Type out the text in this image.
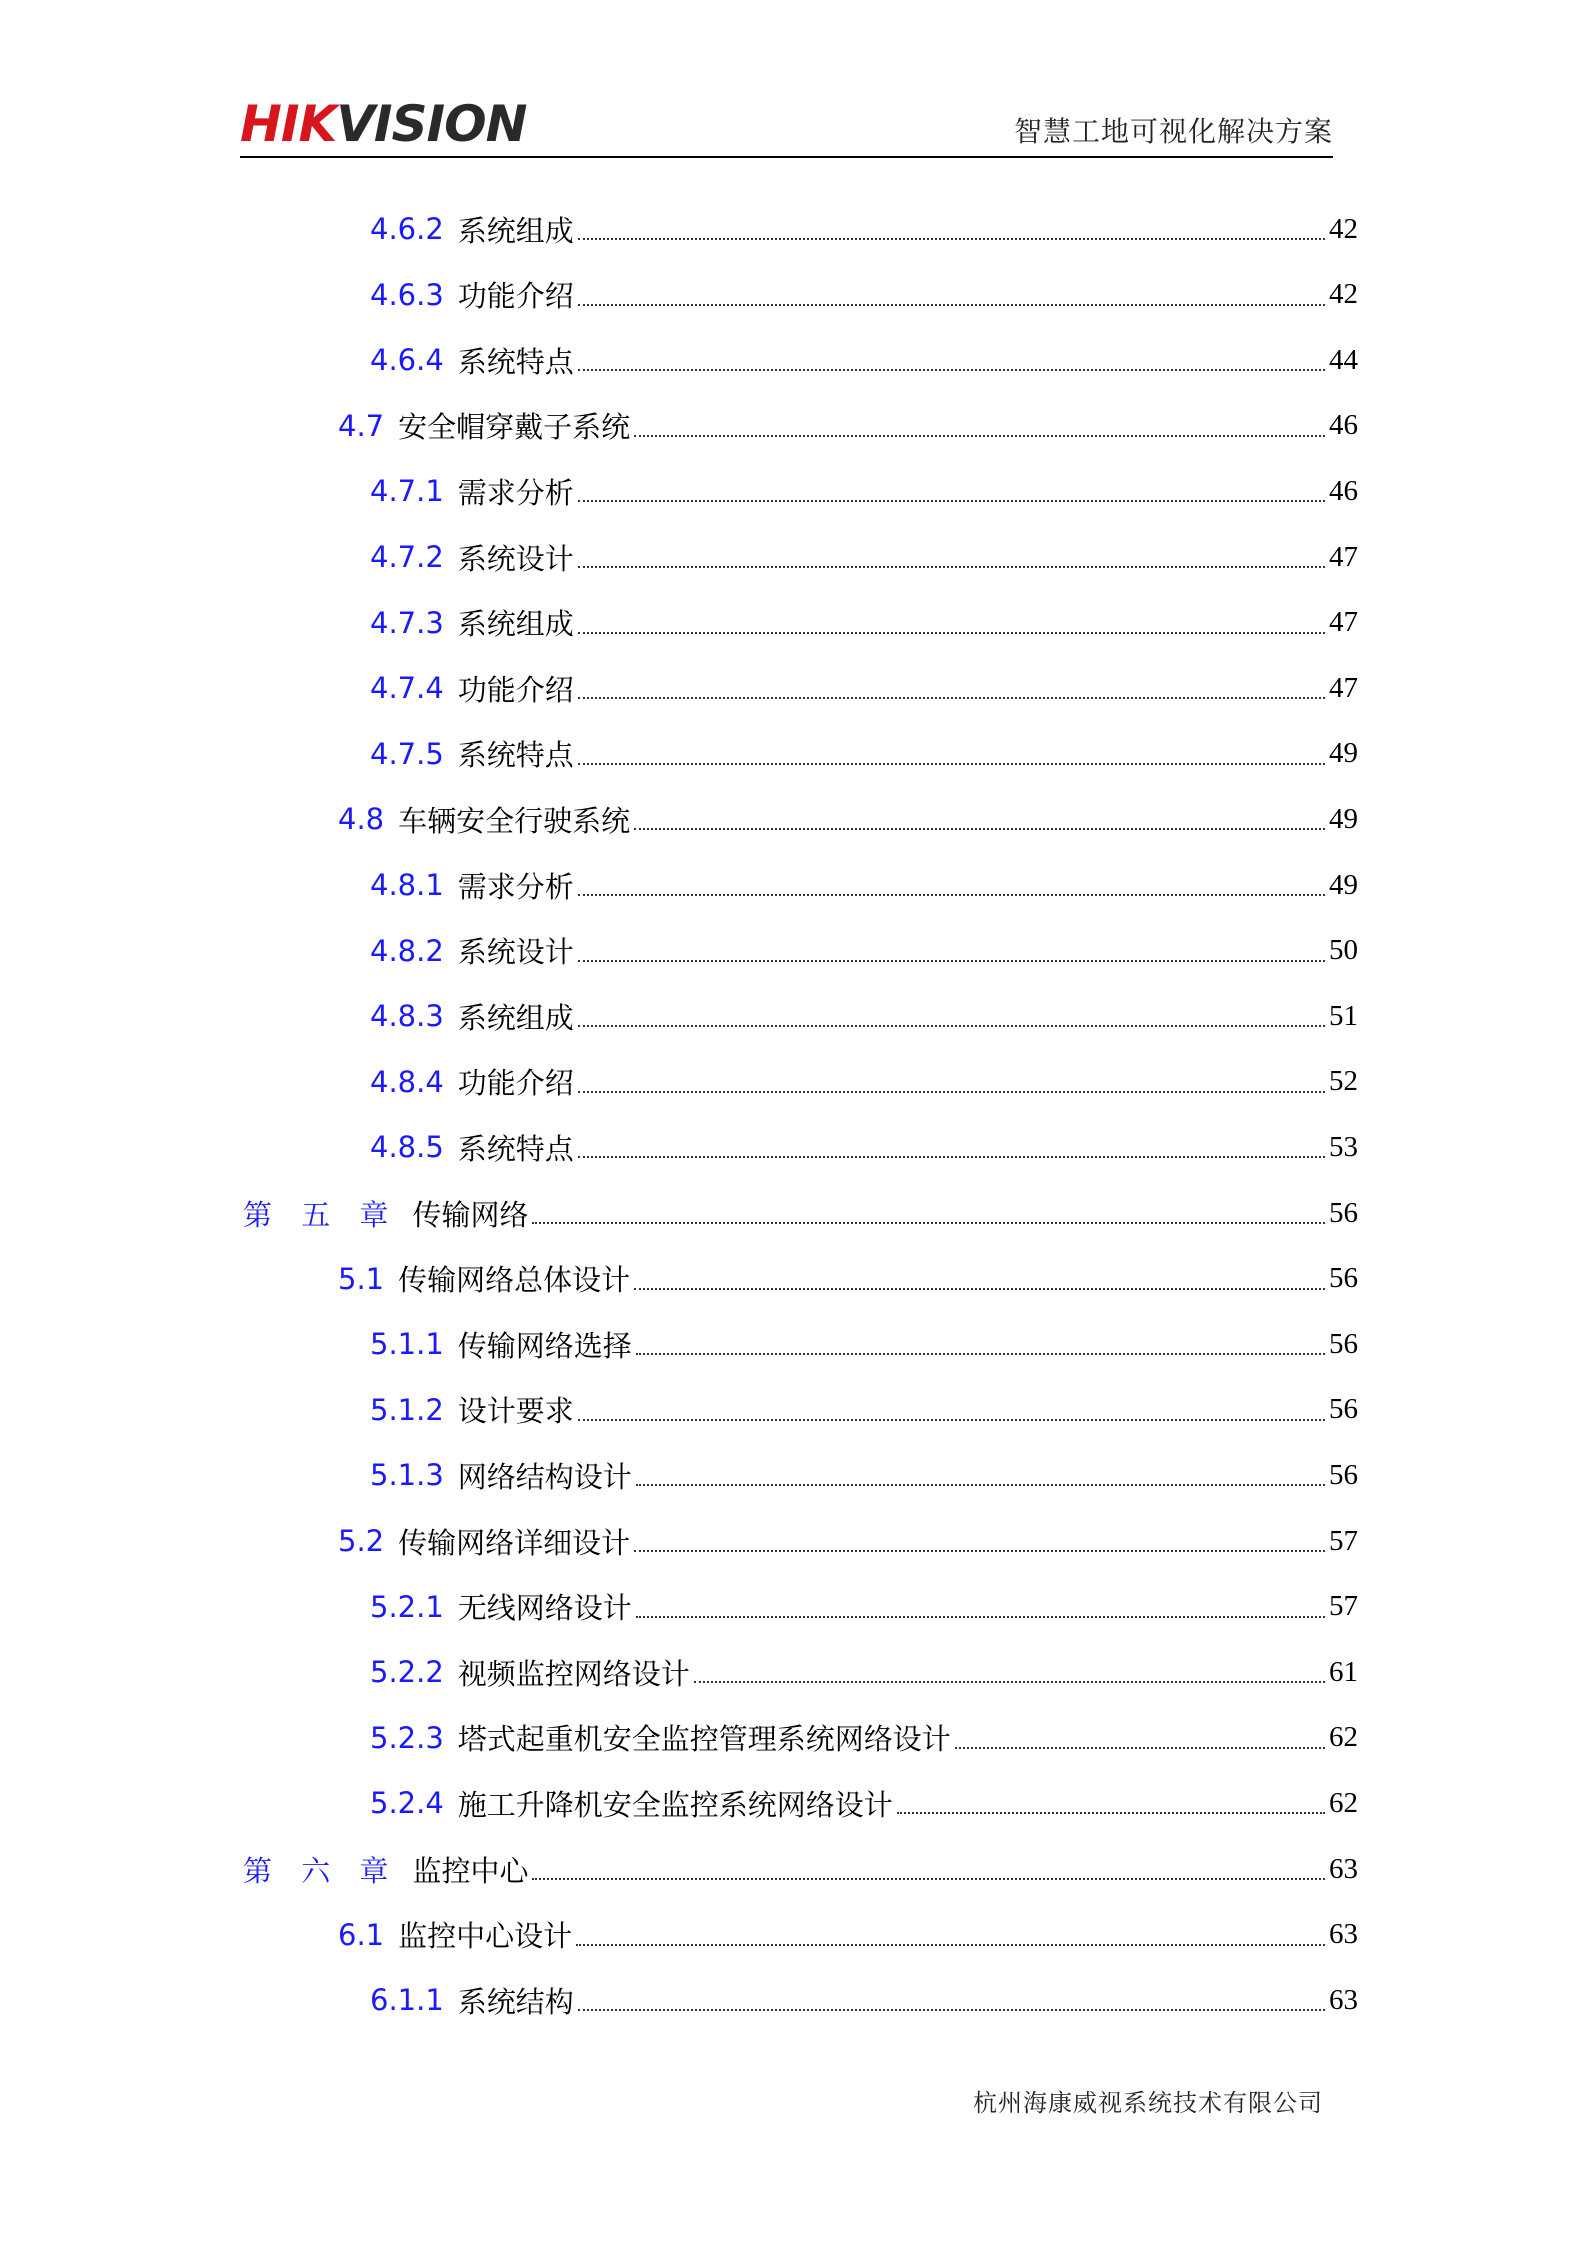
HIKVISION	智慧工地可视化解决方案
4.6.2 系统组成	42
4.6.3 功能介绍	42
4.6.4 系统特点	44
4.7 安全帽穿戴子系统	46
4.7.1 需求分析	46
4.7.2 系统设计	47
4.7.3 系统组成	47
4.7.4 功能介绍	47
4.7.5 系统特点	49
4.8 车辆安全行驶系统	49
4.8.1 需求分析	49
4.8.2 系统设计	50
4.8.3 系统组成	51
4.8.4 功能介绍	52
4.8.5 系统特点	53
第 五 章 传输网络	56
5.1 传输网络总体设计	56
5.1.1 传输网络选择	56
5.1.2 设计要求	56
5.1.3 网络结构设计	56
5.2 传输网络详细设计	57
5.2.1 无线网络设计	57
5.2.2 视频监控网络设计	61
5.2.3 塔式起重机安全监控管理系统网络设计	62
5.2.4 施工升降机安全监控系统网络设计	62
第 六 章 监控中心	63
6.1 监控中心设计	63
6.1.1 系统结构	63
杭州海康威视系统技术有限公司
